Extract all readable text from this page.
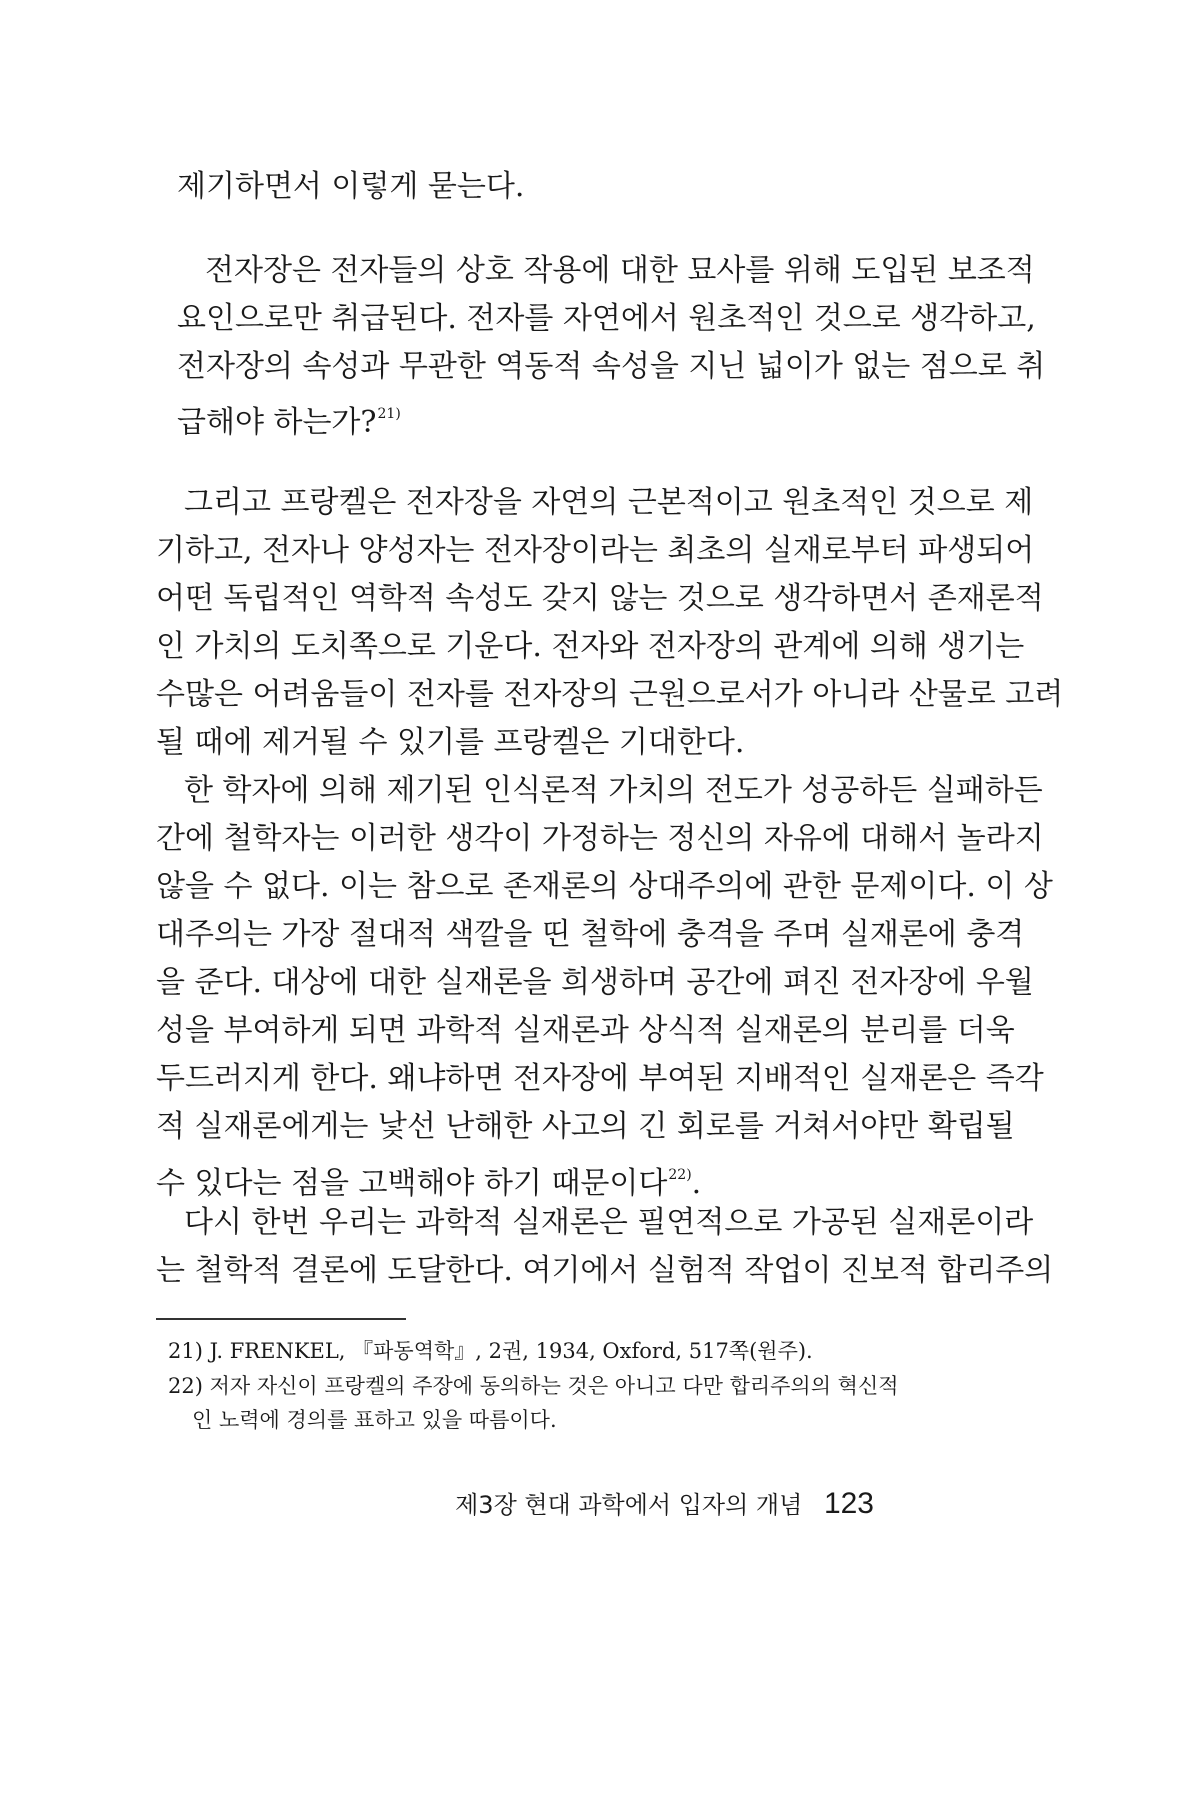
제기하면서 이렇게 묻는다.
전자장은 전자들의 상호 작용에 대한 묘사를 위해 도입된 보조적
요인으로만 취급된다. 전자를 자연에서 원초적인 것으로 생각하고,
전자장의 속성과 무관한 역동적 속성을 지닌 넓이가 없는 점으로 취
급해야 하는가?$^{21)}$
그리고 프랑켈은 전자장을 자연의 근본적이고 원초적인 것으로 제
기하고, 전자나 양성자는 전자장이라는 최초의 실재로부터 파생되어
어떤 독립적인 역학적 속성도 갖지 않는 것으로 생각하면서 존재론적
인 가치의 도치쪽으로 기운다. 전자와 전자장의 관계에 의해 생기는
수많은 어려움들이 전자를 전자장의 근원으로서가 아니라 산물로 고려
될 때에 제거될 수 있기를 프랑켈은 기대한다.
한 학자에 의해 제기된 인식론적 가치의 전도가 성공하든 실패하든
간에 철학자는 이러한 생각이 가정하는 정신의 자유에 대해서 놀라지
않을 수 없다. 이는 참으로 존재론의 상대주의에 관한 문제이다. 이 상
대주의는 가장 절대적 색깔을 띤 철학에 충격을 주며 실재론에 충격
을 준다. 대상에 대한 실재론을 희생하며 공간에 펴진 전자장에 우월
성을 부여하게 되면 과학적 실재론과 상식적 실재론의 분리를 더욱
두드러지게 한다. 왜냐하면 전자장에 부여된 지배적인 실재론은 즉각
적 실재론에게는 낯선 난해한 사고의 긴 회로를 거쳐서야만 확립될
수 있다는 점을 고백해야 하기 때문이다$^{22)}$.
다시 한번 우리는 과학적 실재론은 필연적으로 가공된 실재론이라
는 철학적 결론에 도달한다. 여기에서 실험적 작업이 진보적 합리주의
21) J. FRENKEL, 『파동역학』, 2권, 1934, Oxford, 517쪽(원주).
22) 저자 자신이 프랑켈의 주장에 동의하는 것은 아니고 다만 합리주의의 혁신적
인 노력에 경의를 표하고 있을 따름이다.
제3장 현대 과학에서 입자의 개념 123
